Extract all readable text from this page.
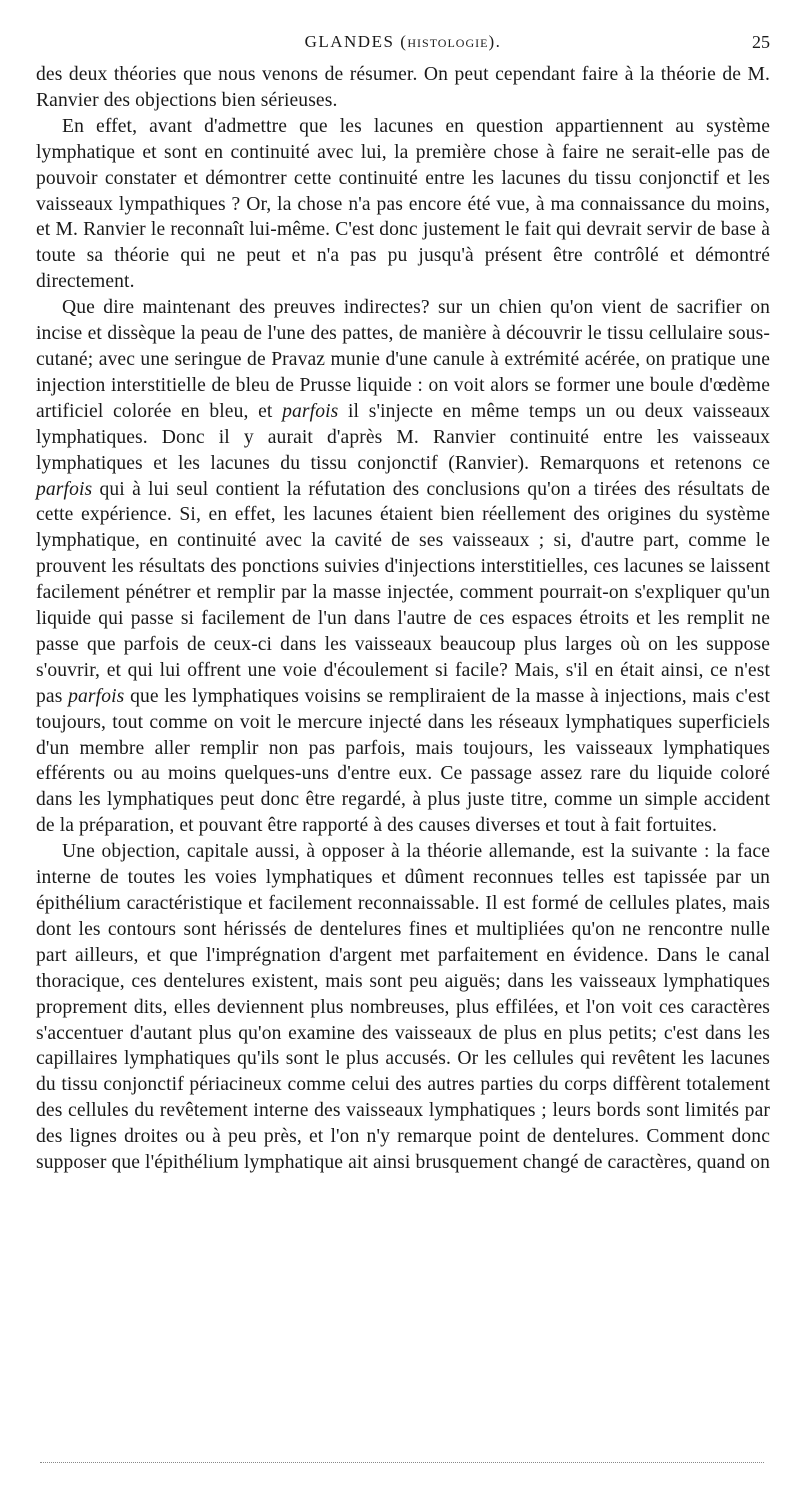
GLANDES (HISTOLOGIE).	25

des deux théories que nous venons de résumer. On peut cependant faire à la théorie de M. Ranvier des objections bien sérieuses.

En effet, avant d'admettre que les lacunes en question appartiennent au système lymphatique et sont en continuité avec lui, la première chose à faire ne serait-elle pas de pouvoir constater et démontrer cette continuité entre les lacunes du tissu conjonctif et les vaisseaux lympathiques ? Or, la chose n'a pas encore été vue, à ma connaissance du moins, et M. Ranvier le reconnaît lui-même. C'est donc justement le fait qui devrait servir de base à toute sa théorie qui ne peut et n'a pas pu jusqu'à présent être contrôlé et démontré directement.

Que dire maintenant des preuves indirectes? sur un chien qu'on vient de sacrifier on incise et dissèque la peau de l'une des pattes, de manière à découvrir le tissu cellulaire sous-cutané; avec une seringue de Pravaz munie d'une canule à extrémité acérée, on pratique une injection interstitielle de bleu de Prusse liquide : on voit alors se former une boule d'œdème artificiel colorée en bleu, et parfois il s'injecte en même temps un ou deux vaisseaux lymphatiques. Donc il y aurait d'après M. Ranvier continuité entre les vaisseaux lymphatiques et les lacunes du tissu conjonctif (Ranvier). Remarquons et retenons ce parfois qui à lui seul contient la réfutation des conclusions qu'on a tirées des résultats de cette expérience. Si, en effet, les lacunes étaient bien réellement des origines du système lymphatique, en continuité avec la cavité de ses vaisseaux ; si, d'autre part, comme le prouvent les résultats des ponctions suivies d'injections interstitielles, ces lacunes se laissent facilement pénétrer et remplir par la masse injectée, comment pourrait-on s'expliquer qu'un liquide qui passe si facilement de l'un dans l'autre de ces espaces étroits et les remplit ne passe que parfois de ceux-ci dans les vaisseaux beaucoup plus larges où on les suppose s'ouvrir, et qui lui offrent une voie d'écoulement si facile? Mais, s'il en était ainsi, ce n'est pas parfois que les lymphatiques voisins se rempliraient de la masse à injections, mais c'est toujours, tout comme on voit le mercure injecté dans les réseaux lymphatiques superficiels d'un membre aller remplir non pas parfois, mais toujours, les vaisseaux lymphatiques efférents ou au moins quelques-uns d'entre eux. Ce passage assez rare du liquide coloré dans les lymphatiques peut donc être regardé, à plus juste titre, comme un simple accident de la préparation, et pouvant être rapporté à des causes diverses et tout à fait fortuites.

Une objection, capitale aussi, à opposer à la théorie allemande, est la suivante : la face interne de toutes les voies lymphatiques et dûment reconnues telles est tapissée par un épithélium caractéristique et facilement reconnaissable. Il est formé de cellules plates, mais dont les contours sont hérissés de dentelures fines et multipliées qu'on ne rencontre nulle part ailleurs, et que l'imprégnation d'argent met parfaitement en évidence. Dans le canal thoracique, ces dentelures existent, mais sont peu aiguës; dans les vaisseaux lymphatiques proprement dits, elles deviennent plus nombreuses, plus effilées, et l'on voit ces caractères s'accentuer d'autant plus qu'on examine des vaisseaux de plus en plus petits; c'est dans les capillaires lymphatiques qu'ils sont le plus accusés. Or les cellules qui revêtent les lacunes du tissu conjonctif périacineux comme celui des autres parties du corps diffèrent totalement des cellules du revêtement interne des vaisseaux lymphatiques ; leurs bords sont limités par des lignes droites ou à peu près, et l'on n'y remarque point de dentelures. Comment donc supposer que l'épithélium lymphatique ait ainsi brusquement changé de caractères, quand on
